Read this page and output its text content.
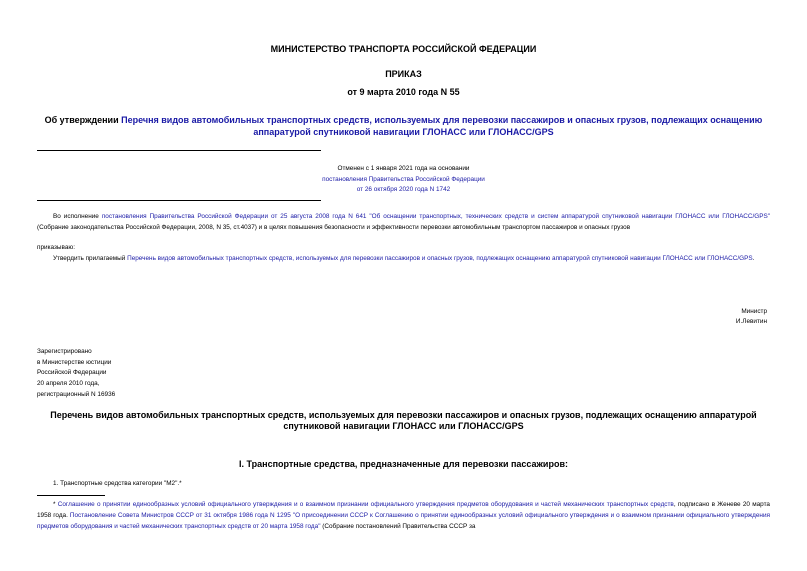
МИНИСТЕРСТВО ТРАНСПОРТА РОССИЙСКОЙ ФЕДЕРАЦИИ
ПРИКАЗ
от 9 марта 2010 года N 55
Об утверждении Перечня видов автомобильных транспортных средств, используемых для перевозки пассажиров и опасных грузов, подлежащих оснащению
аппаратурой спутниковой навигации ГЛОНАСС или ГЛОНАСС/GPS
Отменен с 1 января 2021 года на основании
постановления Правительства Российской Федерации
от 26 октября 2020 года N 1742
Во исполнение постановления Правительства Российской Федерации от 25 августа 2008 года N 641 "Об оснащении транспортных, технических средств и систем аппаратурой спутниковой навигации ГЛОНАСС или ГЛОНАСС/GPS" (Собрание законодательства Российской Федерации, 2008, N 35, ст.4037) и в целях повышения безопасности и эффективности перевозки автомобильным транспортом пассажиров и опасных грузов
приказываю:
Утвердить прилагаемый Перечень видов автомобильных транспортных средств, используемых для перевозки пассажиров и опасных грузов, подлежащих оснащению аппаратурой спутниковой навигации ГЛОНАСС или ГЛОНАСС/GPS.
Министр
И.Левитин
Зарегистрировано
в Министерстве юстиции
Российской Федерации
20 апреля 2010 года,
регистрационный N 16936
Перечень видов автомобильных транспортных средств, используемых для перевозки пассажиров и опасных грузов, подлежащих оснащению аппаратурой
спутниковой навигации ГЛОНАСС или ГЛОНАСС/GPS
I. Транспортные средства, предназначенные для перевозки пассажиров:
1. Транспортные средства категории "М2".*
* Соглашение о принятии единообразных условий официального утверждения и о взаимном признании официального утверждения предметов оборудования и частей механических транспортных средств, подписано в Женеве 20 марта 1958 года. Постановление Совета Министров СССР от 31 октября 1986 года N 1295 "О присоединении СССР к Соглашению о принятии единообразных условий официального утверждения и о взаимном признании официального утверждения предметов оборудования и частей механических транспортных средств от 20 марта 1958 года" (Собрание постановлений Правительства СССР за
